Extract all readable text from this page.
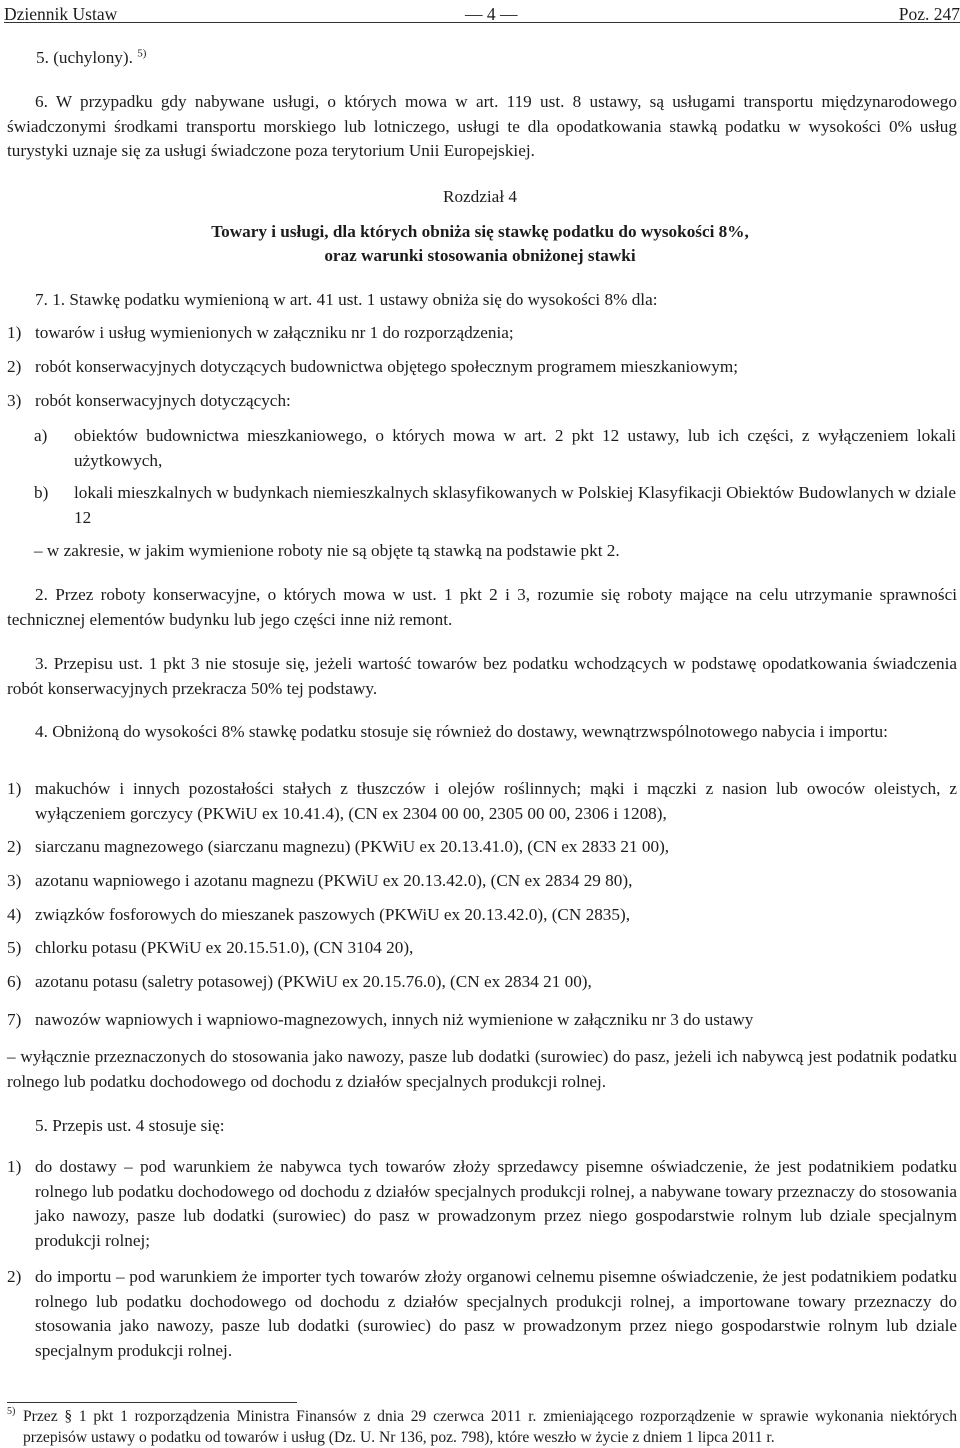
Dziennik Ustaw	— 4 —	Poz. 247

5. (uchylony). $^{5)}$

6. W przypadku gdy nabywane usługi, o których mowa w art. 119 ust. 8 ustawy, są usługami transportu międzynarodowego świadczonymi środkami transportu morskiego lub lotniczego, usługi te dla opodatkowania stawką podatku w wysokości 0% usług turystyki uznaje się za usługi świadczone poza terytorium Unii Europejskiej.

Rozdział 4
Towary i usługi, dla których obniża się stawkę podatku do wysokości 8%,
oraz warunki stosowania obniżonej stawki

7. 1. Stawkę podatku wymienioną w art. 41 ust. 1 ustawy obniża się do wysokości 8% dla:

1) towarów i usług wymienionych w załączniku nr 1 do rozporządzenia;
2) robót konserwacyjnych dotyczących budownictwa objętego społecznym programem mieszkaniowym;
3) robót konserwacyjnych dotyczących:
a) obiektów budownictwa mieszkaniowego, o których mowa w art. 2 pkt 12 ustawy, lub ich części, z wyłączeniem lokali użytkowych,
b) lokali mieszkalnych w budynkach niemieszkalnych sklasyfikowanych w Polskiej Klasyfikacji Obiektów Budowlanych w dziale 12

– w zakresie, w jakim wymienione roboty nie są objęte tą stawką na podstawie pkt 2.

2. Przez roboty konserwacyjne, o których mowa w ust. 1 pkt 2 i 3, rozumie się roboty mające na celu utrzymanie sprawności technicznej elementów budynku lub jego części inne niż remont.

3. Przepisu ust. 1 pkt 3 nie stosuje się, jeżeli wartość towarów bez podatku wchodzących w podstawę opodatkowania świadczenia robót konserwacyjnych przekracza 50% tej podstawy.

4. Obniżoną do wysokości 8% stawkę podatku stosuje się również do dostawy, wewnątrzwspólnotowego nabycia i importu:

1) makuchów i innych pozostałości stałych z tłuszczów i olejów roślinnych; mąki i mączki z nasion lub owoców oleistych, z wyłączeniem gorczycy (PKWiU ex 10.41.4), (CN ex 2304 00 00, 2305 00 00, 2306 i 1208),
2) siarczanu magnezowego (siarczanu magnezu) (PKWiU ex 20.13.41.0), (CN ex 2833 21 00),
3) azotanu wapniowego i azotanu magnezu (PKWiU ex 20.13.42.0), (CN ex 2834 29 80),
4) związków fosforowych do mieszanek paszowych (PKWiU ex 20.13.42.0), (CN 2835),
5) chlorku potasu (PKWiU ex 20.15.51.0), (CN 3104 20),
6) azotanu potasu (saletry potasowej) (PKWiU ex 20.15.76.0), (CN ex 2834 21 00),
7) nawozów wapniowych i wapniowo-magnezowych, innych niż wymienione w załączniku nr 3 do ustawy

– wyłącznie przeznaczonych do stosowania jako nawozy, pasze lub dodatki (surowiec) do pasz, jeżeli ich nabywcą jest podatnik podatku rolnego lub podatku dochodowego od dochodu z działów specjalnych produkcji rolnej.

5. Przepis ust. 4 stosuje się:

1) do dostawy – pod warunkiem że nabywca tych towarów złoży sprzedawcy pisemne oświadczenie, że jest podatnikiem podatku rolnego lub podatku dochodowego od dochodu z działów specjalnych produkcji rolnej, a nabywane towary przeznaczy do stosowania jako nawozy, pasze lub dodatki (surowiec) do pasz w prowadzonym przez niego gospodarstwie rolnym lub dziale specjalnym produkcji rolnej;
2) do importu – pod warunkiem że importer tych towarów złoży organowi celnemu pisemne oświadczenie, że jest podatnikiem podatku rolnego lub podatku dochodowego od dochodu z działów specjalnych produkcji rolnej, a importowane towary przeznaczy do stosowania jako nawozy, pasze lub dodatki (surowiec) do pasz w prowadzonym przez niego gospodarstwie rolnym lub dziale specjalnym produkcji rolnej.
5) Przez § 1 pkt 1 rozporządzenia Ministra Finansów z dnia 29 czerwca 2011 r. zmieniającego rozporządzenie w sprawie wykonania niektórych przepisów ustawy o podatku od towarów i usług (Dz. U. Nr 136, poz. 798), które weszło w życie z dniem 1 lipca 2011 r.
